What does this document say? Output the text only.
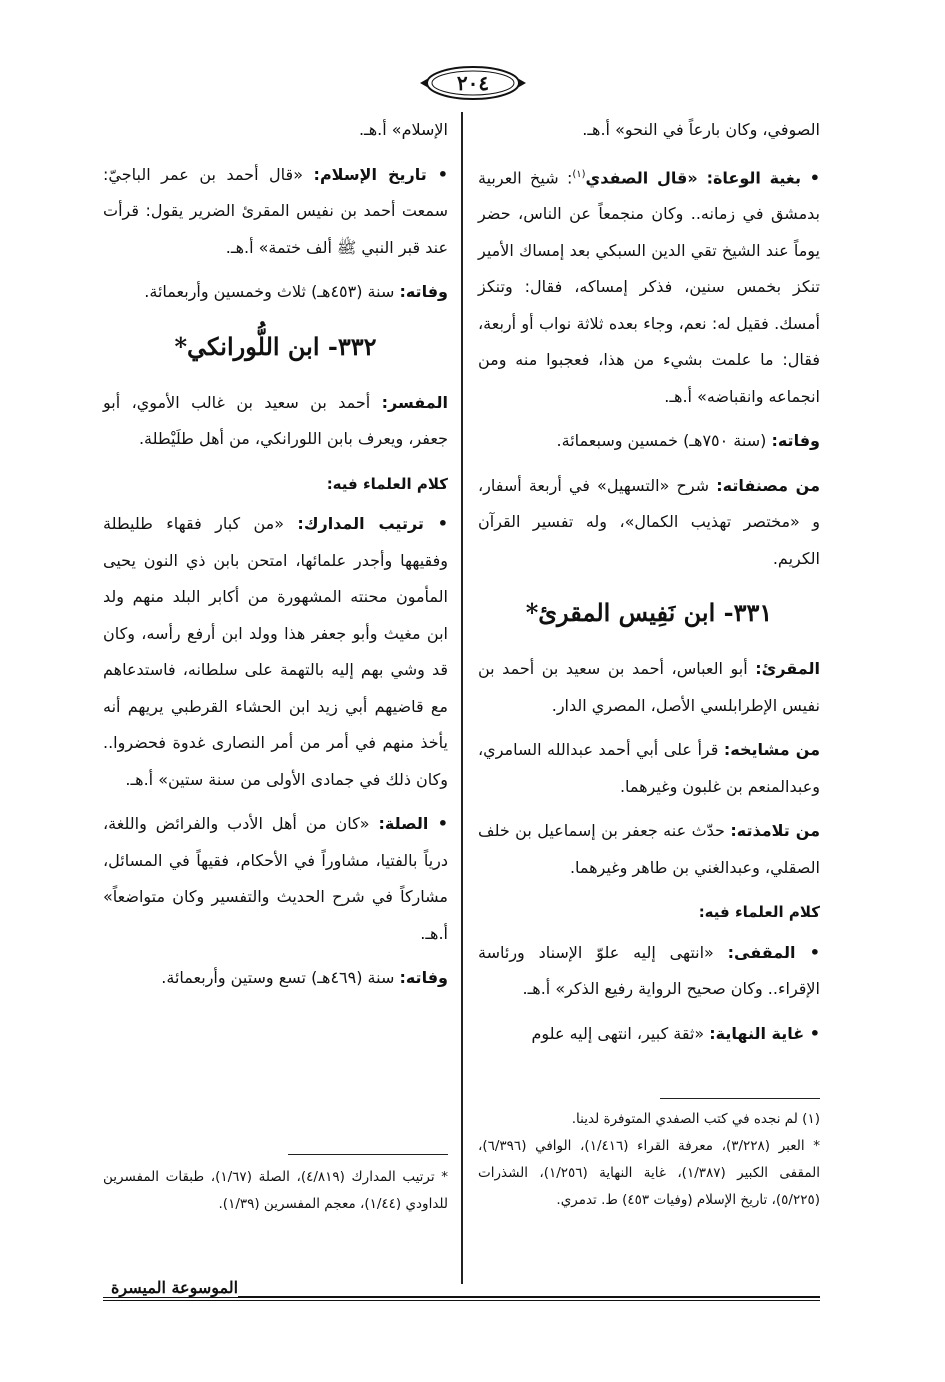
٢٠٤

الصوفي، وكان بارعاً في النحو» أ.هـ.

• بغية الوعاة: «قال الصفدي$^{(١)}$: شيخ العربية بدمشق في زمانه.. وكان منجمعاً عن الناس، حضر يوماً عند الشيخ تقي الدين السبكي بعد إمساك الأمير تنكز بخمس سنين، فذكر إمساكه، فقال: وتنكز أمسك. فقيل له: نعم، وجاء بعده ثلاثة نواب أو أربعة، فقال: ما علمت بشيء من هذا، فعجبوا منه ومن انجماعه وانقباضه» أ.هـ.

وفاته: (سنة ٧٥٠هـ) خمسين وسبعمائة.

من مصنفاته: شرح «التسهيل» في أربعة أسفار، و «مختصر تهذيب الكمال»، وله تفسير القرآن الكريم.

٣٣١- ابن نَفِيس المقرئ*

المقرئ: أبو العباس، أحمد بن سعيد بن أحمد بن نفيس الإطرابلسي الأصل، المصري الدار.

من مشايخه: قرأ على أبي أحمد عبدالله السامري، وعبدالمنعم بن غلبون وغيرهما.

من تلامذته: حدّث عنه جعفر بن إسماعيل بن خلف الصقلي، وعبدالغني بن طاهر وغيرهما.

كلام العلماء فيه:

• المقفى: «انتهى إليه علوّ الإسناد ورئاسة الإقراء.. وكان صحيح الرواية رفيع الذكر» أ.هـ.

• غاية النهاية: «ثقة كبير، انتهى إليه علوم

الإسلام» أ.هـ.

• تاريخ الإسلام: «قال أحمد بن عمر الباجيّ: سمعت أحمد بن نفيس المقرئ الضرير يقول: قرأت عند قبر النبي ﷺ ألف ختمة» أ.هـ.

وفاته: سنة (٤٥٣هـ) ثلاث وخمسين وأربعمائة.

٣٣٢- ابن اللُّورانكي*

المفسر: أحمد بن سعيد بن غالب الأموي، أبو جعفر، ويعرف بابن اللورانكي، من أهل طلَيْطلة.

كلام العلماء فيه:

• ترتيب المدارك: «من كبار فقهاء طليطلة وفقيهها وأجدر علمائها، امتحن بابن ذي النون يحيى المأمون محنته المشهورة من أكابر البلد منهم ولد ابن مغيث وأبو جعفر هذا وولد ابن أرفع رأسه، وكان قد وشي بهم إليه بالتهمة على سلطانه، فاستدعاهم مع قاضيهم أبي زيد ابن الحشاء القرطبي يريهم أنه يأخذ منهم في أمر من أمر النصارى غدوة فحضروا.. وكان ذلك في جمادى الأولى من سنة ستين» أ.هـ.

• الصلة: «كان من أهل الأدب والفرائض واللغة، درياً بالفتيا، مشاوراً في الأحكام، فقيهاً في المسائل، مشاركاً في شرح الحديث والتفسير وكان متواضعاً» أ.هـ.

وفاته: سنة (٤٦٩هـ) تسع وستين وأربعمائة.

(١) لم نجده في كتب الصفدي المتوفرة لدينا.

* العبر (٣/٢٢٨)، معرفة القراء (١/٤١٦)، الوافي (٦/٣٩٦)، المقفى الكبير (١/٣٨٧)، غاية النهاية (١/٢٥٦)، الشذرات (٥/٢٢٥)، تاريخ الإسلام (وفيات ٤٥٣) ط. تدمري.

* ترتيب المدارك (٤/٨١٩)، الصلة (١/٦٧)، طبقات المفسرين للداودي (١/٤٤)، معجم المفسرين (١/٣٩).

الموسوعة الميسرة
